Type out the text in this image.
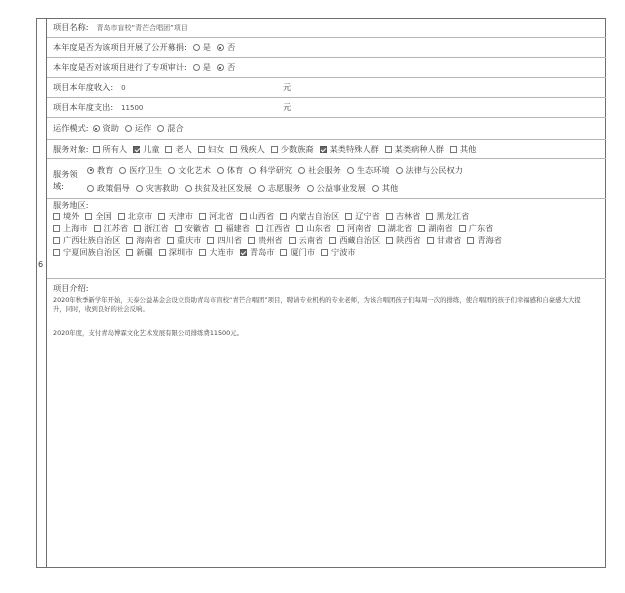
6
项目名称: 青岛市盲校“青芒合唱团”项目
本年度是否为该项目开展了公开募捐: 是 否
本年度是否对该项目进行了专项审计: 是 否
项目本年度收入: 0	元
项目本年度支出: 11500	元
运作模式: 资助 运作 混合
服务对象: 所有人 儿童 老人 妇女 残疾人 少数族裔 某类特殊人群 某类病种人群 其他
服务领
域:
教育 医疗卫生 文化艺术 体育 科学研究 社会服务 生态环境 法律与公民权力
政策倡导 灾害救助 扶贫及社区发展 志愿服务 公益事业发展 其他
服务地区:
境外 全国 北京市 天津市 河北省 山西省 内蒙古自治区 辽宁省 吉林省 黑龙江省
上海市 江苏省 浙江省 安徽省 福建省 江西省 山东省 河南省 湖北省 湖南省 广东省
广西壮族自治区 海南省 重庆市 四川省 贵州省 云南省 西藏自治区 陕西省 甘肃省 青海省
宁夏回族自治区 新疆 深圳市 大连市 青岛市 厦门市 宁波市
项目介绍:
2020年秋季新学年开始，天泰公益基金会设立资助青岛市盲校“青芒合唱团”项目，聘请专业机构的专业老师，为该合唱团孩子们每周一次的排练，使合唱团的孩子们幸福感和自豪感大大提升，同时，收到良好的社会反响。
2020年度，支付青岛博霖文化艺术发展有限公司排练费11500元。
